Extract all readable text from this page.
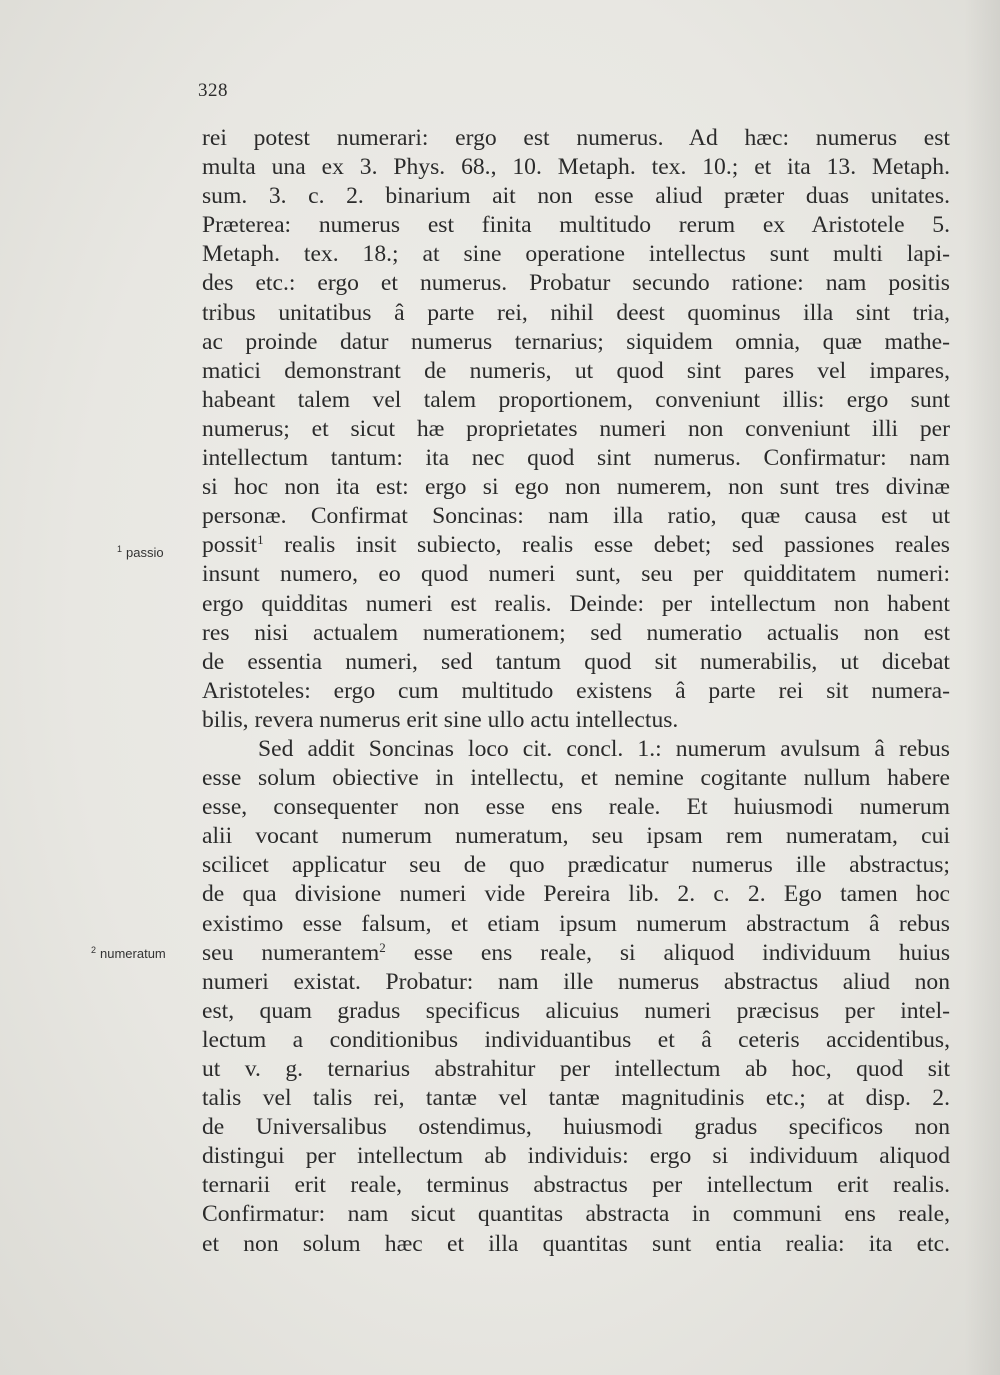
328
$^1$ passio
$^2$ numeratum
rei potest numerari: ergo est numerus. Ad hæc: numerus est
multa una ex 3. Phys. 68., 10. Metaph. tex. 10.; et ita 13. Metaph.
sum. 3. c. 2. binarium ait non esse aliud præter duas unitates.
Præterea: numerus est finita multitudo rerum ex Aristotele 5.
Metaph. tex. 18.; at sine operatione intellectus sunt multi lapi-
des etc.: ergo et numerus. Probatur secundo ratione: nam positis
tribus unitatibus â parte rei, nihil deest quominus illa sint tria,
ac proinde datur numerus ternarius; siquidem omnia, quæ mathe-
matici demonstrant de numeris, ut quod sint pares vel impares,
habeant talem vel talem proportionem, conveniunt illis: ergo sunt
numerus; et sicut hæ proprietates numeri non conveniunt illi per
intellectum tantum: ita nec quod sint numerus. Confirmatur: nam
si hoc non ita est: ergo si ego non numerem, non sunt tres divinæ
personæ. Confirmat Soncinas: nam illa ratio, quæ causa est ut
possit$^1$ realis insit subiecto, realis esse debet; sed passiones reales
insunt numero, eo quod numeri sunt, seu per quidditatem numeri:
ergo quidditas numeri est realis. Deinde: per intellectum non habent
res nisi actualem numerationem; sed numeratio actualis non est
de essentia numeri, sed tantum quod sit numerabilis, ut dicebat
Aristoteles: ergo cum multitudo existens â parte rei sit numera-
bilis, revera numerus erit sine ullo actu intellectus.
Sed addit Soncinas loco cit. concl. 1.: numerum avulsum â rebus
esse solum obiective in intellectu, et nemine cogitante nullum habere
esse, consequenter non esse ens reale. Et huiusmodi numerum
alii vocant numerum numeratum, seu ipsam rem numeratam, cui
scilicet applicatur seu de quo prædicatur numerus ille abstractus;
de qua divisione numeri vide Pereira lib. 2. c. 2. Ego tamen hoc
existimo esse falsum, et etiam ipsum numerum abstractum â rebus
seu numerantem$^2$ esse ens reale, si aliquod individuum huius
numeri existat. Probatur: nam ille numerus abstractus aliud non
est, quam gradus specificus alicuius numeri præcisus per intel-
lectum a conditionibus individuantibus et â ceteris accidentibus,
ut v. g. ternarius abstrahitur per intellectum ab hoc, quod sit
talis vel talis rei, tantæ vel tantæ magnitudinis etc.; at disp. 2.
de Universalibus ostendimus, huiusmodi gradus specificos non
distingui per intellectum ab individuis: ergo si individuum aliquod
ternarii erit reale, terminus abstractus per intellectum erit realis.
Confirmatur: nam sicut quantitas abstracta in communi ens reale,
et non solum hæc et illa quantitas sunt entia realia: ita etc.
